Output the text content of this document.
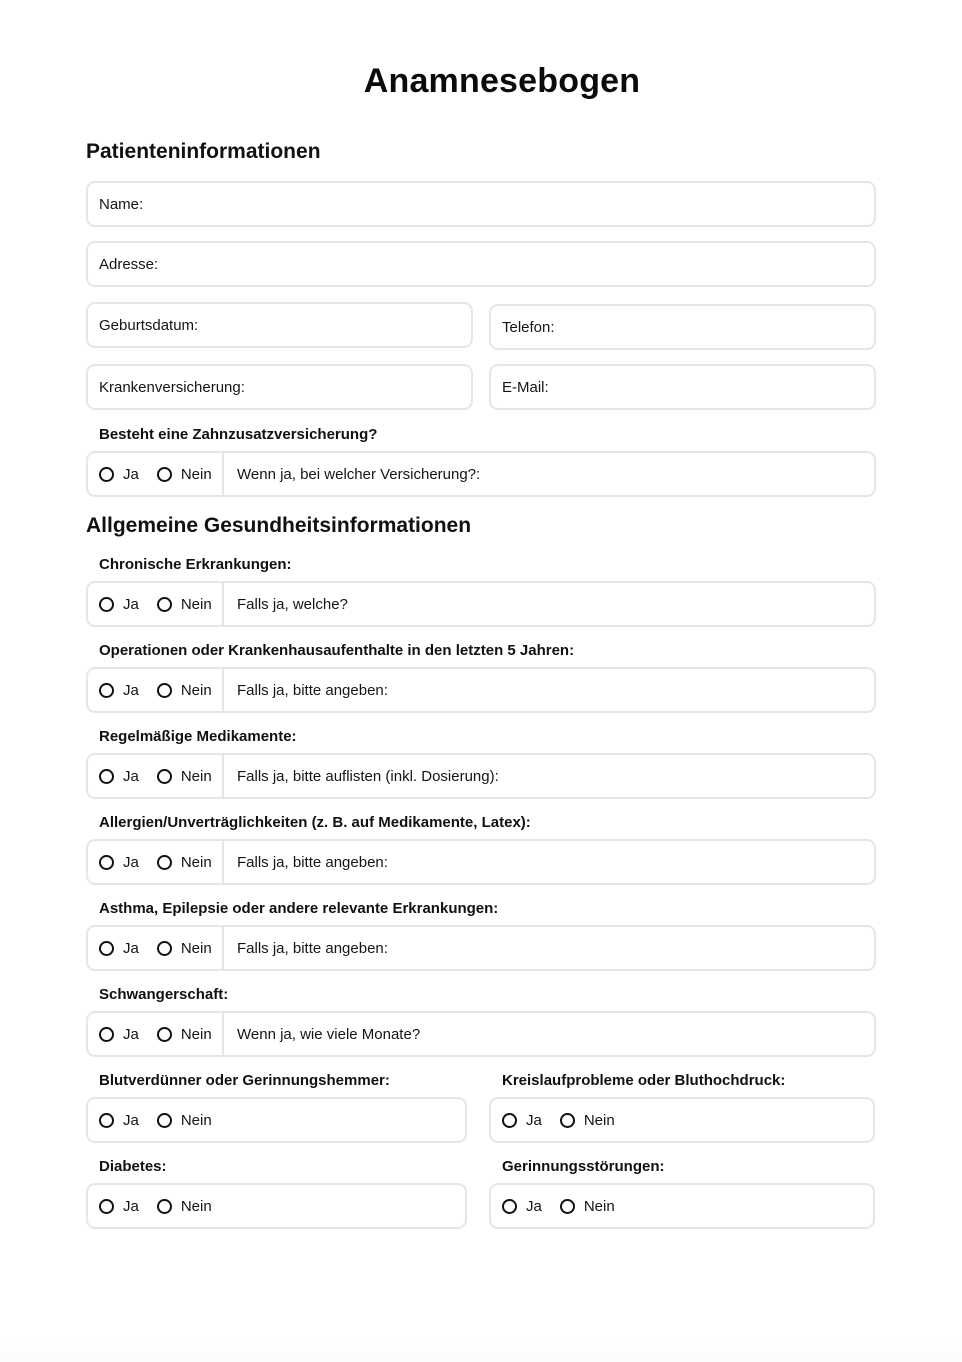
Anamnesebogen
Patienteninformationen
Name:
Adresse:
Geburtsdatum:	Telefon:
Krankenversicherung:	E-Mail:
Besteht eine Zahnzusatzversicherung?
Ja	Nein	Wenn ja, bei welcher Versicherung?:
Allgemeine Gesundheitsinformationen
Chronische Erkrankungen:
Ja	Nein	Falls ja, welche?
Operationen oder Krankenhausaufenthalte in den letzten 5 Jahren:
Ja	Nein	Falls ja, bitte angeben:
Regelmäßige Medikamente:
Ja	Nein	Falls ja, bitte auflisten (inkl. Dosierung):
Allergien/Unverträglichkeiten (z. B. auf Medikamente, Latex):
Ja	Nein	Falls ja, bitte angeben:
Asthma, Epilepsie oder andere relevante Erkrankungen:
Ja	Nein	Falls ja, bitte angeben:
Schwangerschaft:
Ja	Nein	Wenn ja, wie viele Monate?
Blutverdünner oder Gerinnungshemmer:
Ja	Nein
Kreislaufprobleme oder Bluthochdruck:
Ja	Nein
Diabetes:
Ja	Nein
Gerinnungsstörungen:
Ja	Nein
